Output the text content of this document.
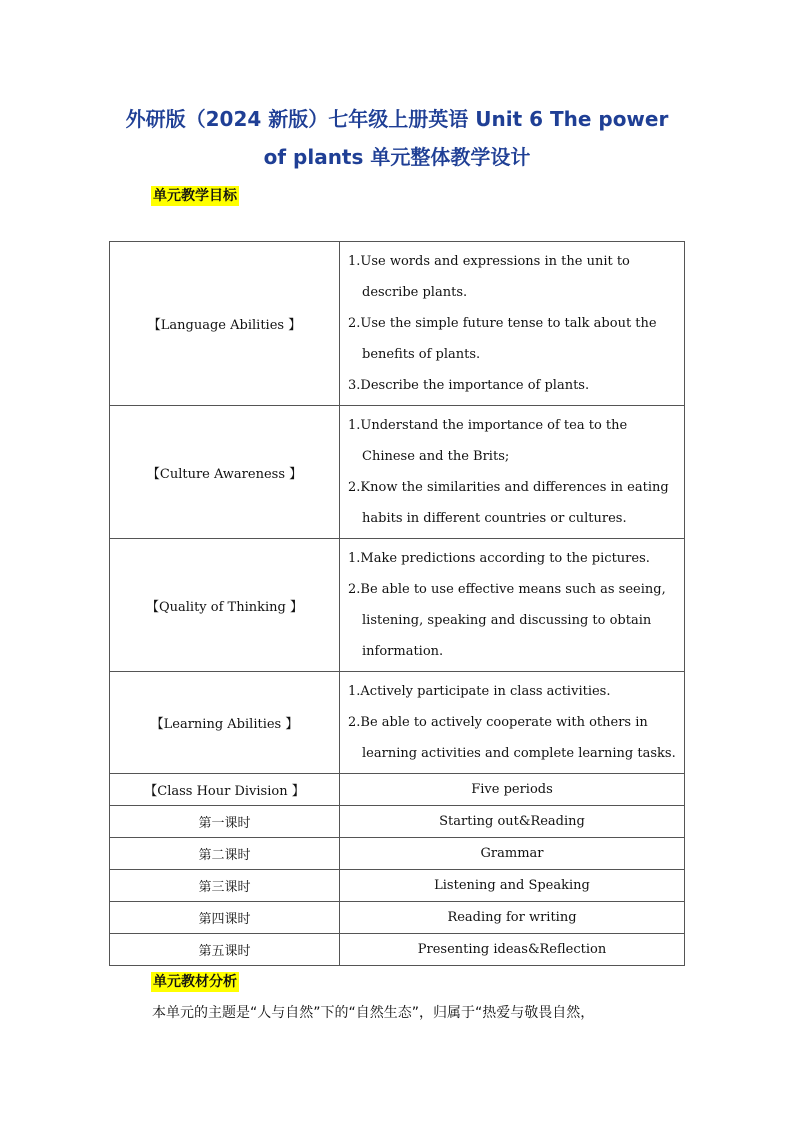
外研版（2024 新版）七年级上册英语 Unit 6 The power
of plants 单元整体教学设计
单元教学目标
【Language Abilities 】	1.Use words and expressions in the unit to describe plants.
2.Use the simple future tense to talk about the benefits of plants.
3.Describe the importance of plants.

【Culture Awareness 】	1.Understand the importance of tea to the Chinese and the Brits;
2.Know the similarities and differences in eating habits in different countries or cultures.

【Quality of Thinking 】	1.Make predictions according to the pictures.
2.Be able to use effective means such as seeing, listening, speaking and discussing to obtain information.

【Learning Abilities 】	1.Actively participate in class activities.
2.Be able to actively cooperate with others in learning activities and complete learning tasks.

【Class Hour Division 】	Five periods
第一课时	Starting out&Reading
第二课时	Grammar
第三课时	Listening and Speaking
第四课时	Reading for writing
第五课时	Presenting ideas&Reflection
单元教材分析
本单元的主题是“人与自然”下的“自然生态”，归属于“热爱与敬畏自然，
